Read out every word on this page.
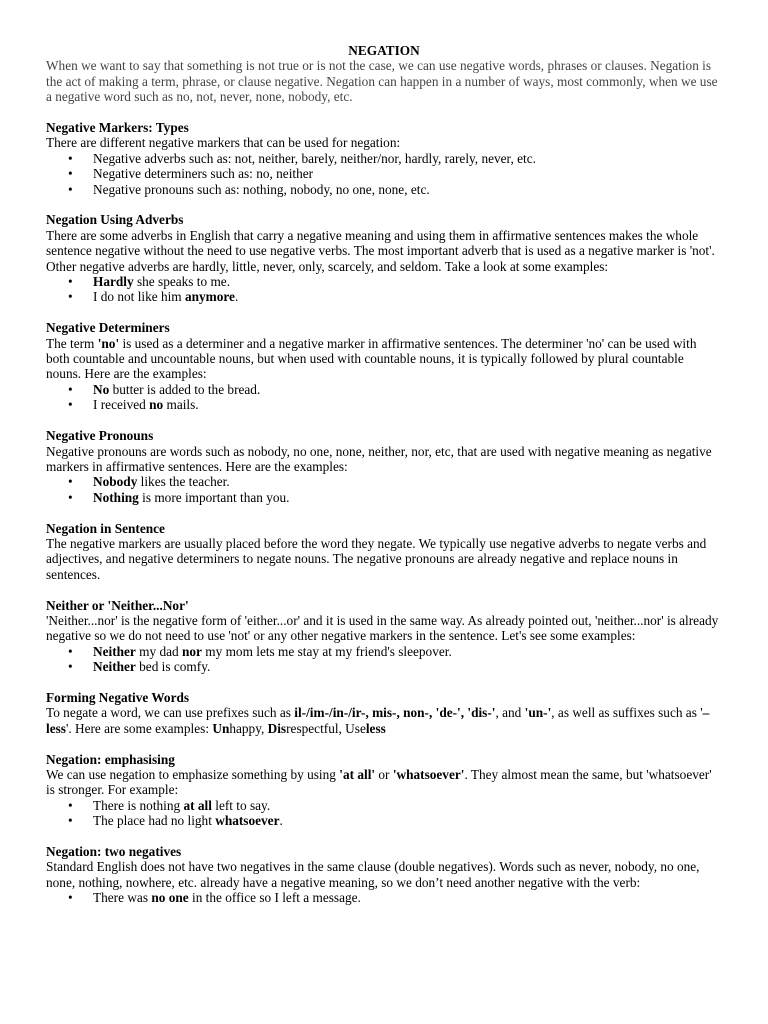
NEGATION

When we want to say that something is not true or is not the case, we can use negative words, phrases or clauses. Negation is the act of making a term, phrase, or clause negative. Negation can happen in a number of ways, most commonly, when we use a negative word such as no, not, never, none, nobody, etc.

Negative Markers: Types

There are different negative markers that can be used for negation:

• Negative adverbs such as: not, neither, barely, neither/nor, hardly, rarely, never, etc.
• Negative determiners such as: no, neither
• Negative pronouns such as: nothing, nobody, no one, none, etc.

Negation Using Adverbs

There are some adverbs in English that carry a negative meaning and using them in affirmative sentences makes the whole sentence negative without the need to use negative verbs. The most important adverb that is used as a negative marker is 'not'. Other negative adverbs are hardly, little, never, only, scarcely, and seldom. Take a look at some examples:

• Hardly she speaks to me.
• I do not like him anymore.

Negative Determiners

The term 'no' is used as a determiner and a negative marker in affirmative sentences. The determiner 'no' can be used with both countable and uncountable nouns, but when used with countable nouns, it is typically followed by plural countable nouns. Here are the examples:

• No butter is added to the bread.
• I received no mails.

Negative Pronouns

Negative pronouns are words such as nobody, no one, none, neither, nor, etc, that are used with negative meaning as negative markers in affirmative sentences. Here are the examples:

• Nobody likes the teacher.
• Nothing is more important than you.

Negation in Sentence

The negative markers are usually placed before the word they negate. We typically use negative adverbs to negate verbs and adjectives, and negative determiners to negate nouns. The negative pronouns are already negative and replace nouns in sentences.

Neither or 'Neither...Nor'

'Neither...nor' is the negative form of 'either...or' and it is used in the same way. As already pointed out, 'neither...nor' is already negative so we do not need to use 'not' or any other negative markers in the sentence. Let's see some examples:

• Neither my dad nor my mom lets me stay at my friend's sleepover.
• Neither bed is comfy.

Forming Negative Words

To negate a word, we can use prefixes such as il-/im-/in-/ir-, mis-, non-, 'de-', 'dis-', and 'un-', as well as suffixes such as '–less'. Here are some examples: Unhappy, Disrespectful, Useless

Negation: emphasising

We can use negation to emphasize something by using 'at all' or 'whatsoever'. They almost mean the same, but 'whatsoever' is stronger. For example:

• There is nothing at all left to say.
• The place had no light whatsoever.

Negation: two negatives

Standard English does not have two negatives in the same clause (double negatives). Words such as never, nobody, no one, none, nothing, nowhere, etc. already have a negative meaning, so we don’t need another negative with the verb:

• There was no one in the office so I left a message.
